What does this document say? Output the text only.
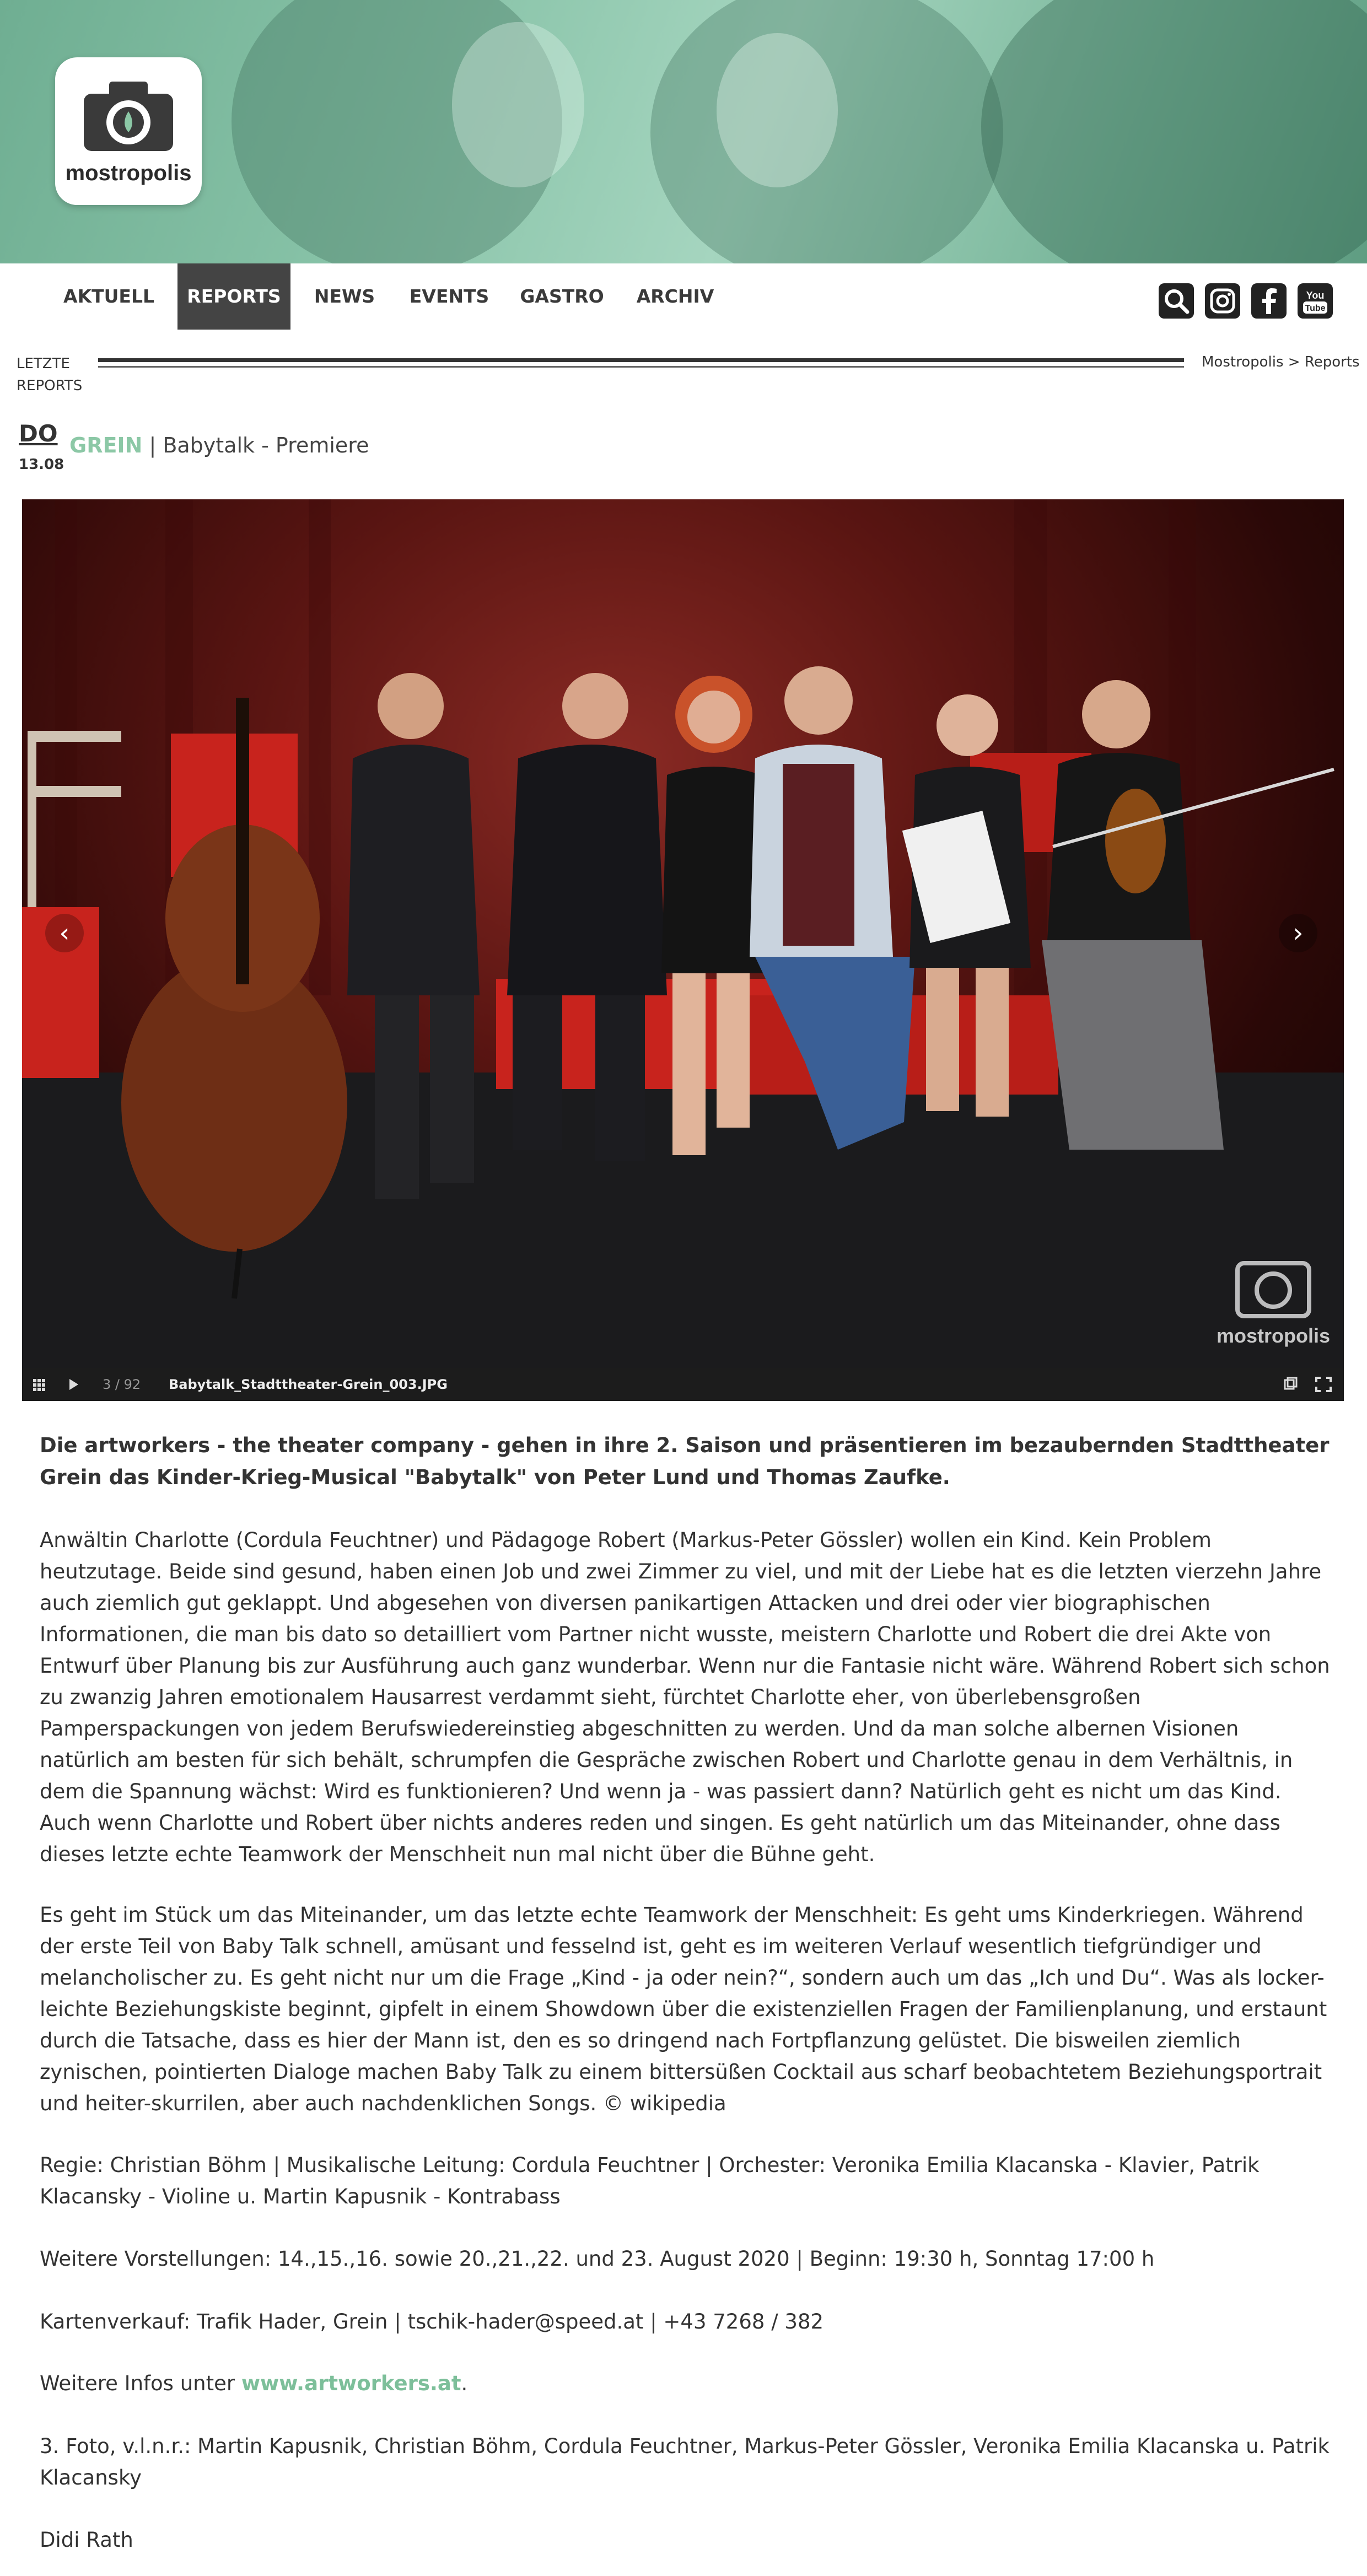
mostropolis
AKTUELL	REPORTS	NEWS EVENTS GASTRO ARCHIV	You
Tube
LETZTE
REPORTS
Mostropolis > Reports
DO
13.08
GREIN | Babytalk - Premiere
mostropolis
‹	›
3 / 92 Babytalk_Stadttheater-Grein_003.JPG
Die artworkers - the theater company - gehen in ihre 2. Saison und präsentieren im bezaubernden Stadttheater Grein das Kinder-Krieg-Musical "Babytalk" von Peter Lund und Thomas Zaufke.
Anwältin Charlotte (Cordula Feuchtner) und Pädagoge Robert (Markus-Peter Gössler) wollen ein Kind. Kein Problem heutzutage. Beide sind gesund, haben einen Job und zwei Zimmer zu viel, und mit der Liebe hat es die letzten vierzehn Jahre auch ziemlich gut geklappt. Und abgesehen von diversen panikartigen Attacken und drei oder vier biographischen Informationen, die man bis dato so detailliert vom Partner nicht wusste, meistern Charlotte und Robert die drei Akte von Entwurf über Planung bis zur Ausführung auch ganz wunderbar. Wenn nur die Fantasie nicht wäre. Während Robert sich schon zu zwanzig Jahren emotionalem Hausarrest verdammt sieht, fürchtet Charlotte eher, von überlebensgroßen Pamperspackungen von jedem Berufswiedereinstieg abgeschnitten zu werden. Und da man solche albernen Visionen natürlich am besten für sich behält, schrumpfen die Gespräche zwischen Robert und Charlotte genau in dem Verhältnis, in dem die Spannung wächst: Wird es funktionieren? Und wenn ja - was passiert dann? Natürlich geht es nicht um das Kind. Auch wenn Charlotte und Robert über nichts anderes reden und singen. Es geht natürlich um das Miteinander, ohne dass dieses letzte echte Teamwork der Menschheit nun mal nicht über die Bühne geht.
Es geht im Stück um das Miteinander, um das letzte echte Teamwork der Menschheit: Es geht ums Kinderkriegen. Während der erste Teil von Baby Talk schnell, amüsant und fesselnd ist, geht es im weiteren Verlauf wesentlich tiefgründiger und melancholischer zu. Es geht nicht nur um die Frage „Kind - ja oder nein?“, sondern auch um das „Ich und Du“. Was als locker-leichte Beziehungskiste beginnt, gipfelt in einem Showdown über die existenziellen Fragen der Familienplanung, und erstaunt durch die Tatsache, dass es hier der Mann ist, den es so dringend nach Fortpflanzung gelüstet. Die bisweilen ziemlich zynischen, pointierten Dialoge machen Baby Talk zu einem bittersüßen Cocktail aus scharf beobachtetem Beziehungsportrait und heiter-skurrilen, aber auch nachdenklichen Songs. © wikipedia
Regie: Christian Böhm | Musikalische Leitung: Cordula Feuchtner | Orchester: Veronika Emilia Klacanska - Klavier, Patrik Klacansky - Violine u. Martin Kapusnik - Kontrabass
Weitere Vorstellungen: 14.,15.,16. sowie 20.,21.,22. und 23. August 2020 | Beginn: 19:30 h, Sonntag 17:00 h
Kartenverkauf: Trafik Hader, Grein | tschik-hader@speed.at | +43 7268 / 382
Weitere Infos unter www.artworkers.at.
3. Foto, v.l.n.r.: Martin Kapusnik, Christian Böhm, Cordula Feuchtner, Markus-Peter Gössler, Veronika Emilia Klacanska u. Patrik Klacansky
Didi Rath
